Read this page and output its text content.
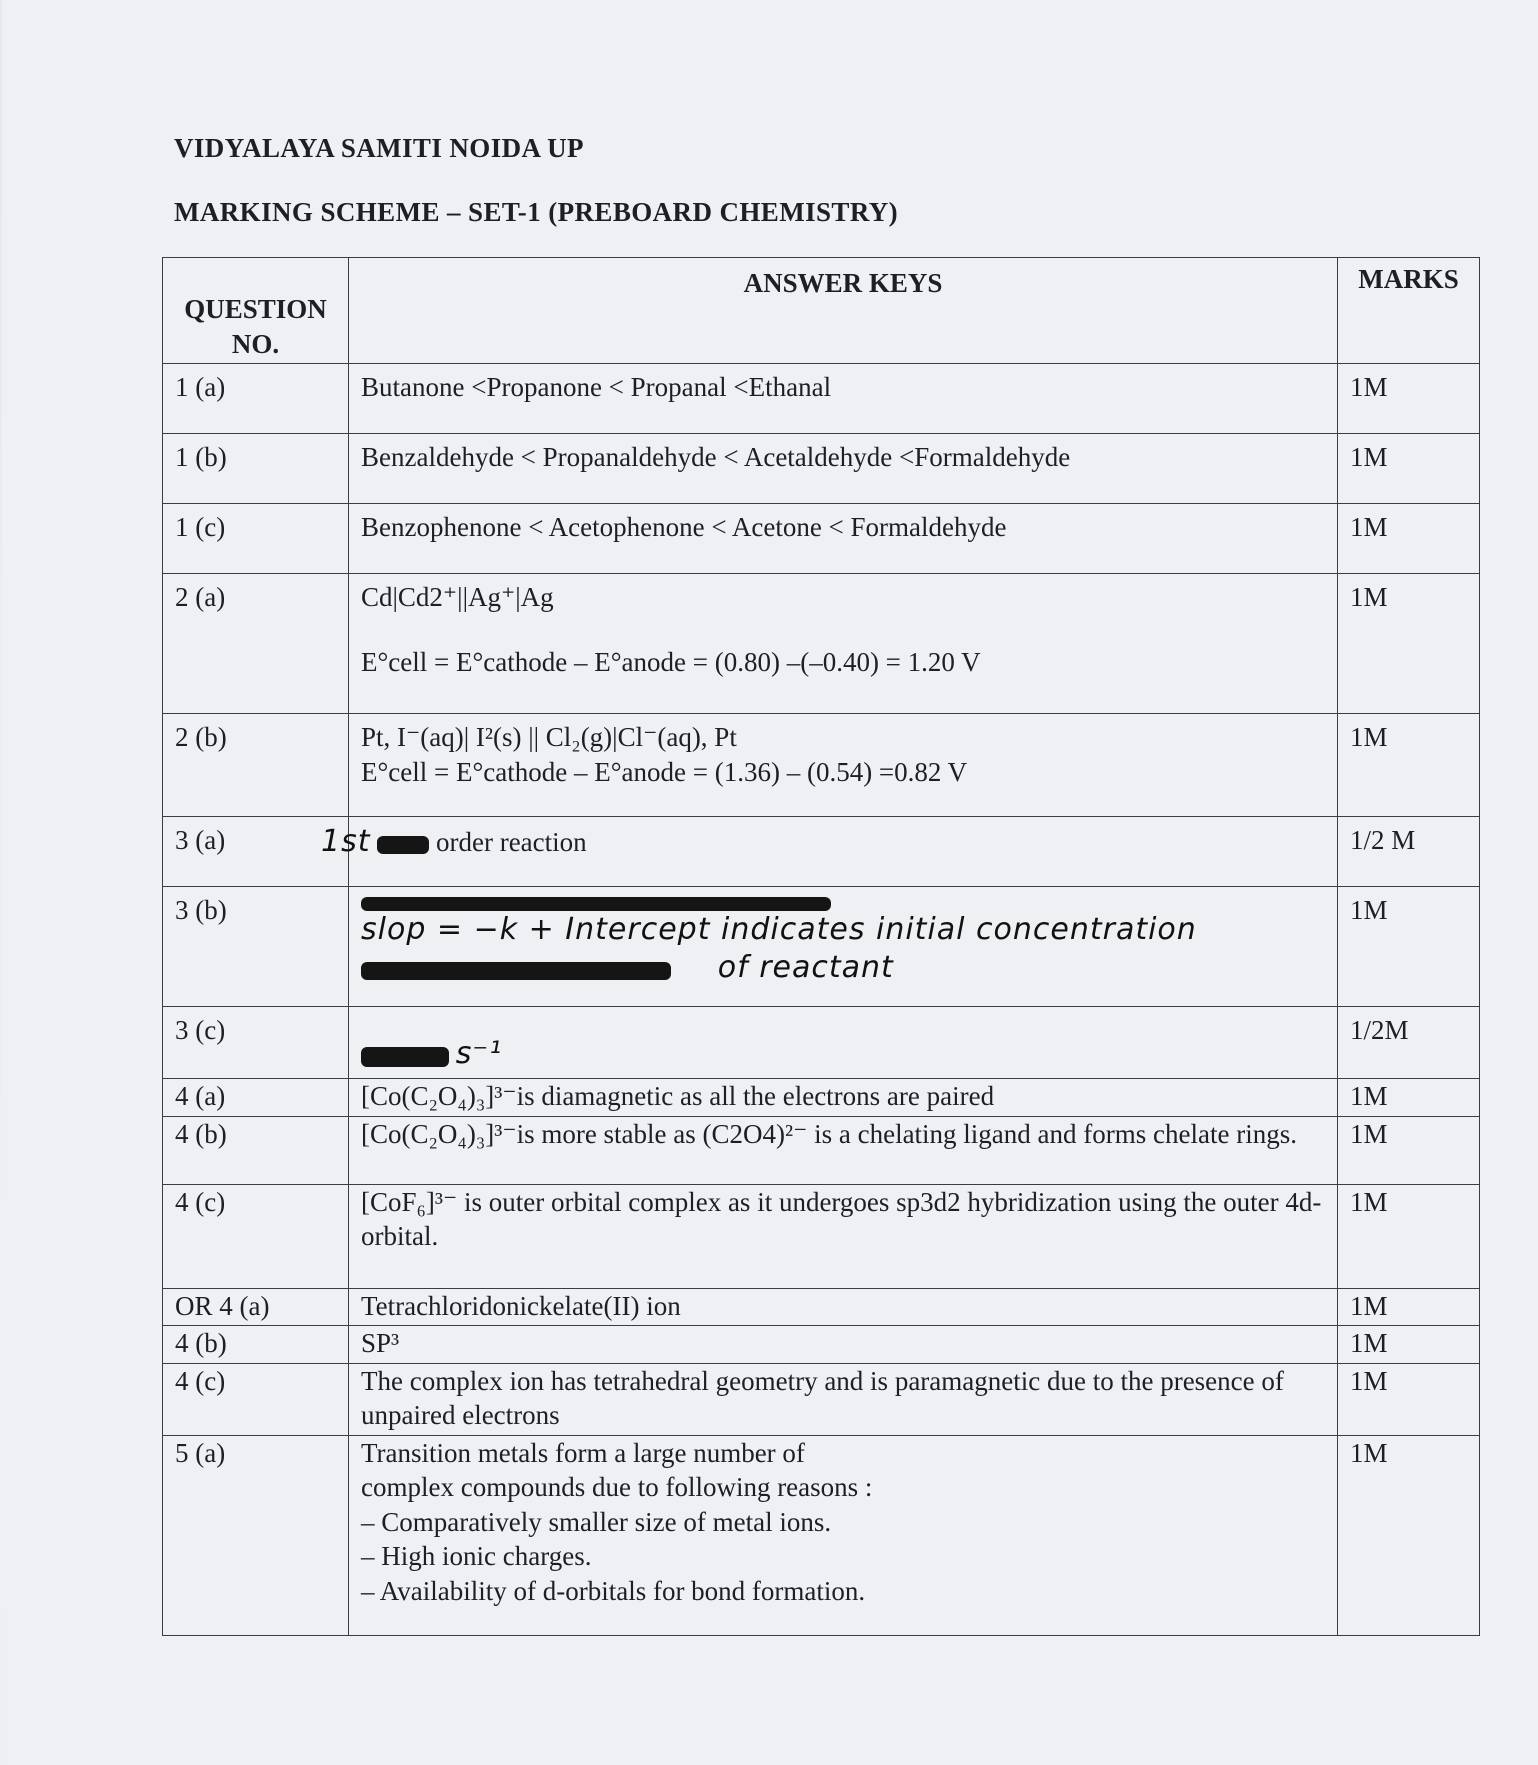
VIDYALAYA SAMITI NOIDA UP
MARKING SCHEME – SET-1 (PREBOARD CHEMISTRY)
QUESTION NO.	ANSWER KEYS	MARKS
1 (a)	Butanone <Propanone < Propanal <Ethanal	1M
1 (b)	Benzaldehyde < Propanaldehyde < Acetaldehyde <Formaldehyde	1M
1 (c)	Benzophenone < Acetophenone < Acetone < Formaldehyde	1M
2 (a)	Cd|Cd2⁺||Ag⁺|Ag
E°cell = E°cathode – E°anode = (0.80) –(–0.40) = 1.20 V	1M
2 (b)	Pt, I⁻(aq)| I²(s) || Cl₂(g)|Cl⁻(aq), Pt
E°cell = E°cathode – E°anode = (1.36) – (0.54) =0.82 V	1M
3 (a)	1st order reaction	1/2 M
3 (b)	slop = −k + Intercept indicates initial concentration
of reactant	1M
3 (c)	s⁻¹	1/2M
4 (a)	[Co(C₂O₄)₃]³⁻is diamagnetic as all the electrons are paired	1M
4 (b)	[Co(C₂O₄)₃]³⁻is more stable as (C2O4)²⁻ is a chelating ligand and forms chelate rings.	1M
4 (c)	[CoF₆]³⁻ is outer orbital complex as it undergoes sp3d2 hybridization using the outer 4d-orbital.	1M
OR 4 (a)	Tetrachloridonickelate(II) ion	1M
4 (b)	SP³	1M
4 (c)	The complex ion has tetrahedral geometry and is paramagnetic due to the presence of unpaired electrons	1M
5 (a)	Transition metals form a large number of
complex compounds due to following reasons :
– Comparatively smaller size of metal ions.
– High ionic charges.
– Availability of d-orbitals for bond formation.	1M
